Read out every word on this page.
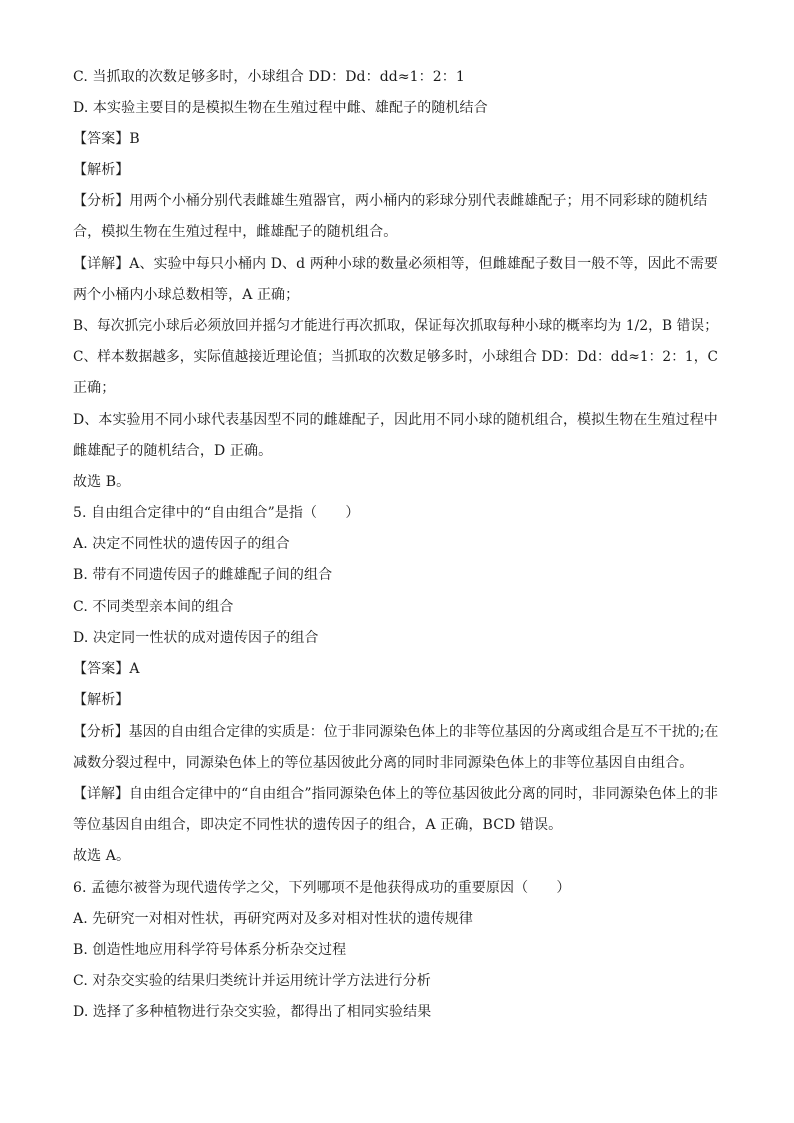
C. 当抓取的次数足够多时，小球组合 DD：Dd：dd≈1：2：1
D. 本实验主要目的是模拟生物在生殖过程中雌、雄配子的随机结合
【答案】B
【解析】
【分析】用两个小桶分别代表雌雄生殖器官，两小桶内的彩球分别代表雌雄配子；用不同彩球的随机结
合，模拟生物在生殖过程中，雌雄配子的随机组合。
【详解】A、实验中每只小桶内 D、d 两种小球的数量必须相等，但雌雄配子数目一般不等，因此不需要
两个小桶内小球总数相等，A 正确；
B、每次抓完小球后必须放回并摇匀才能进行再次抓取，保证每次抓取每种小球的概率均为 1/2，B 错误；
C、样本数据越多，实际值越接近理论值；当抓取的次数足够多时，小球组合 DD：Dd：dd≈1：2：1，C
正确；
D、本实验用不同小球代表基因型不同的雌雄配子，因此用不同小球的随机组合，模拟生物在生殖过程中
雌雄配子的随机结合，D 正确。
故选 B。
5. 自由组合定律中的“自由组合”是指（　　）
A. 决定不同性状的遗传因子的组合
B. 带有不同遗传因子的雌雄配子间的组合
C. 不同类型亲本间的组合
D. 决定同一性状的成对遗传因子的组合
【答案】A
【解析】
【分析】基因的自由组合定律的实质是：位于非同源染色体上的非等位基因的分离或组合是互不干扰的;在
减数分裂过程中，同源染色体上的等位基因彼此分离的同时非同源染色体上的非等位基因自由组合。
【详解】自由组合定律中的“自由组合”指同源染色体上的等位基因彼此分离的同时，非同源染色体上的非
等位基因自由组合，即决定不同性状的遗传因子的组合，A 正确，BCD 错误。
故选 A。
6. 孟德尔被誉为现代遗传学之父，下列哪项不是他获得成功的重要原因（　　）
A. 先研究一对相对性状，再研究两对及多对相对性状的遗传规律
B. 创造性地应用科学符号体系分析杂交过程
C. 对杂交实验的结果归类统计并运用统计学方法进行分析
D. 选择了多种植物进行杂交实验，都得出了相同实验结果
